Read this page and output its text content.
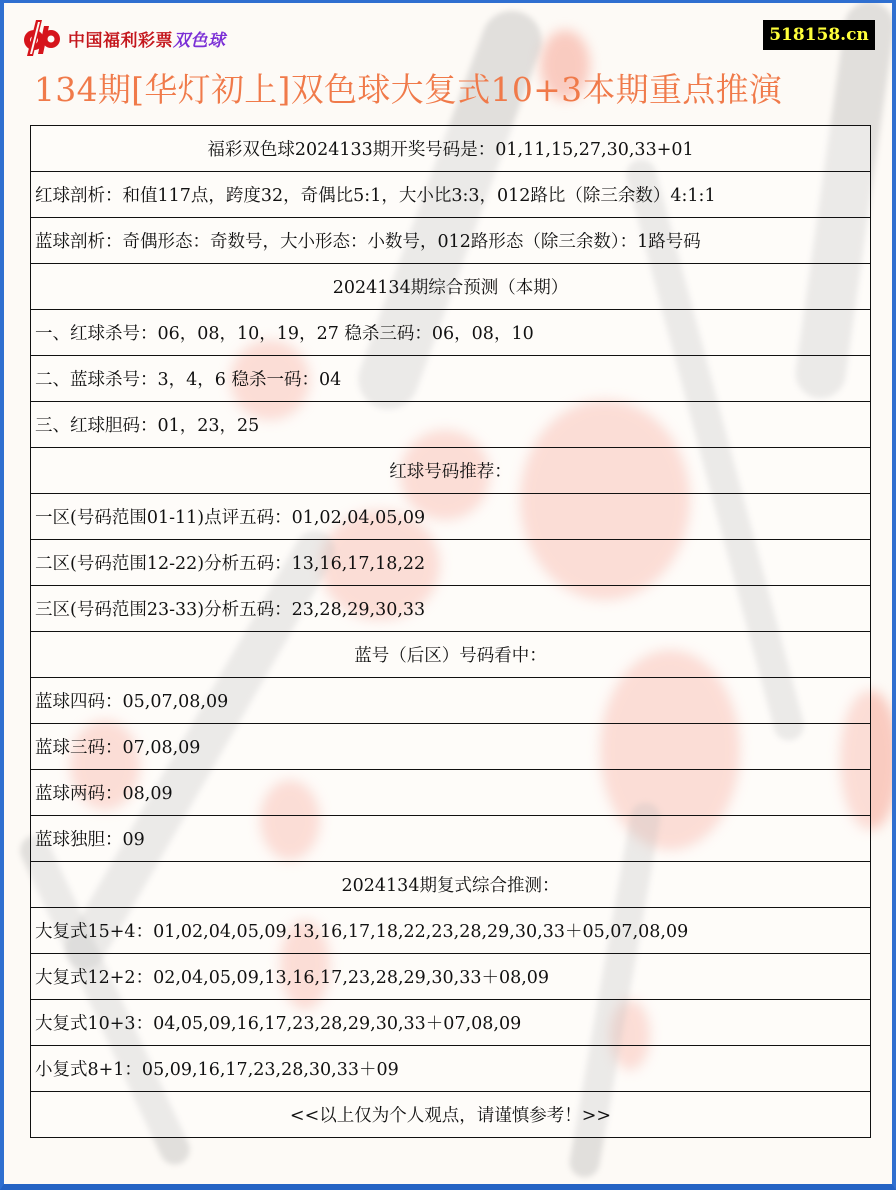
中国福利彩票双色球	518158.cn
134期[华灯初上]双色球大复式10+3本期重点推演
福彩双色球2024133期开奖号码是：01,11,15,27,30,33+01
红球剖析：和值117点，跨度32，奇偶比5:1，大小比3:3，012路比（除三余数）4:1:1
蓝球剖析：奇偶形态：奇数号，大小形态：小数号，012路形态（除三余数）：1路号码
2024134期综合预测（本期）
一、红球杀号：06，08，10，19，27 稳杀三码：06，08，10
二、蓝球杀号：3，4，6 稳杀一码：04
三、红球胆码：01，23，25
红球号码推荐：
一区(号码范围01-11)点评五码：01,02,04,05,09
二区(号码范围12-22)分析五码：13,16,17,18,22
三区(号码范围23-33)分析五码：23,28,29,30,33
蓝号（后区）号码看中：
蓝球四码：05,07,08,09
蓝球三码：07,08,09
蓝球两码：08,09
蓝球独胆：09
2024134期复式综合推测：
大复式15+4：01,02,04,05,09,13,16,17,18,22,23,28,29,30,33＋05,07,08,09
大复式12+2：02,04,05,09,13,16,17,23,28,29,30,33＋08,09
大复式10+3：04,05,09,16,17,23,28,29,30,33＋07,08,09
小复式8+1：05,09,16,17,23,28,30,33＋09
<<以上仅为个人观点，请谨慎参考！>>
